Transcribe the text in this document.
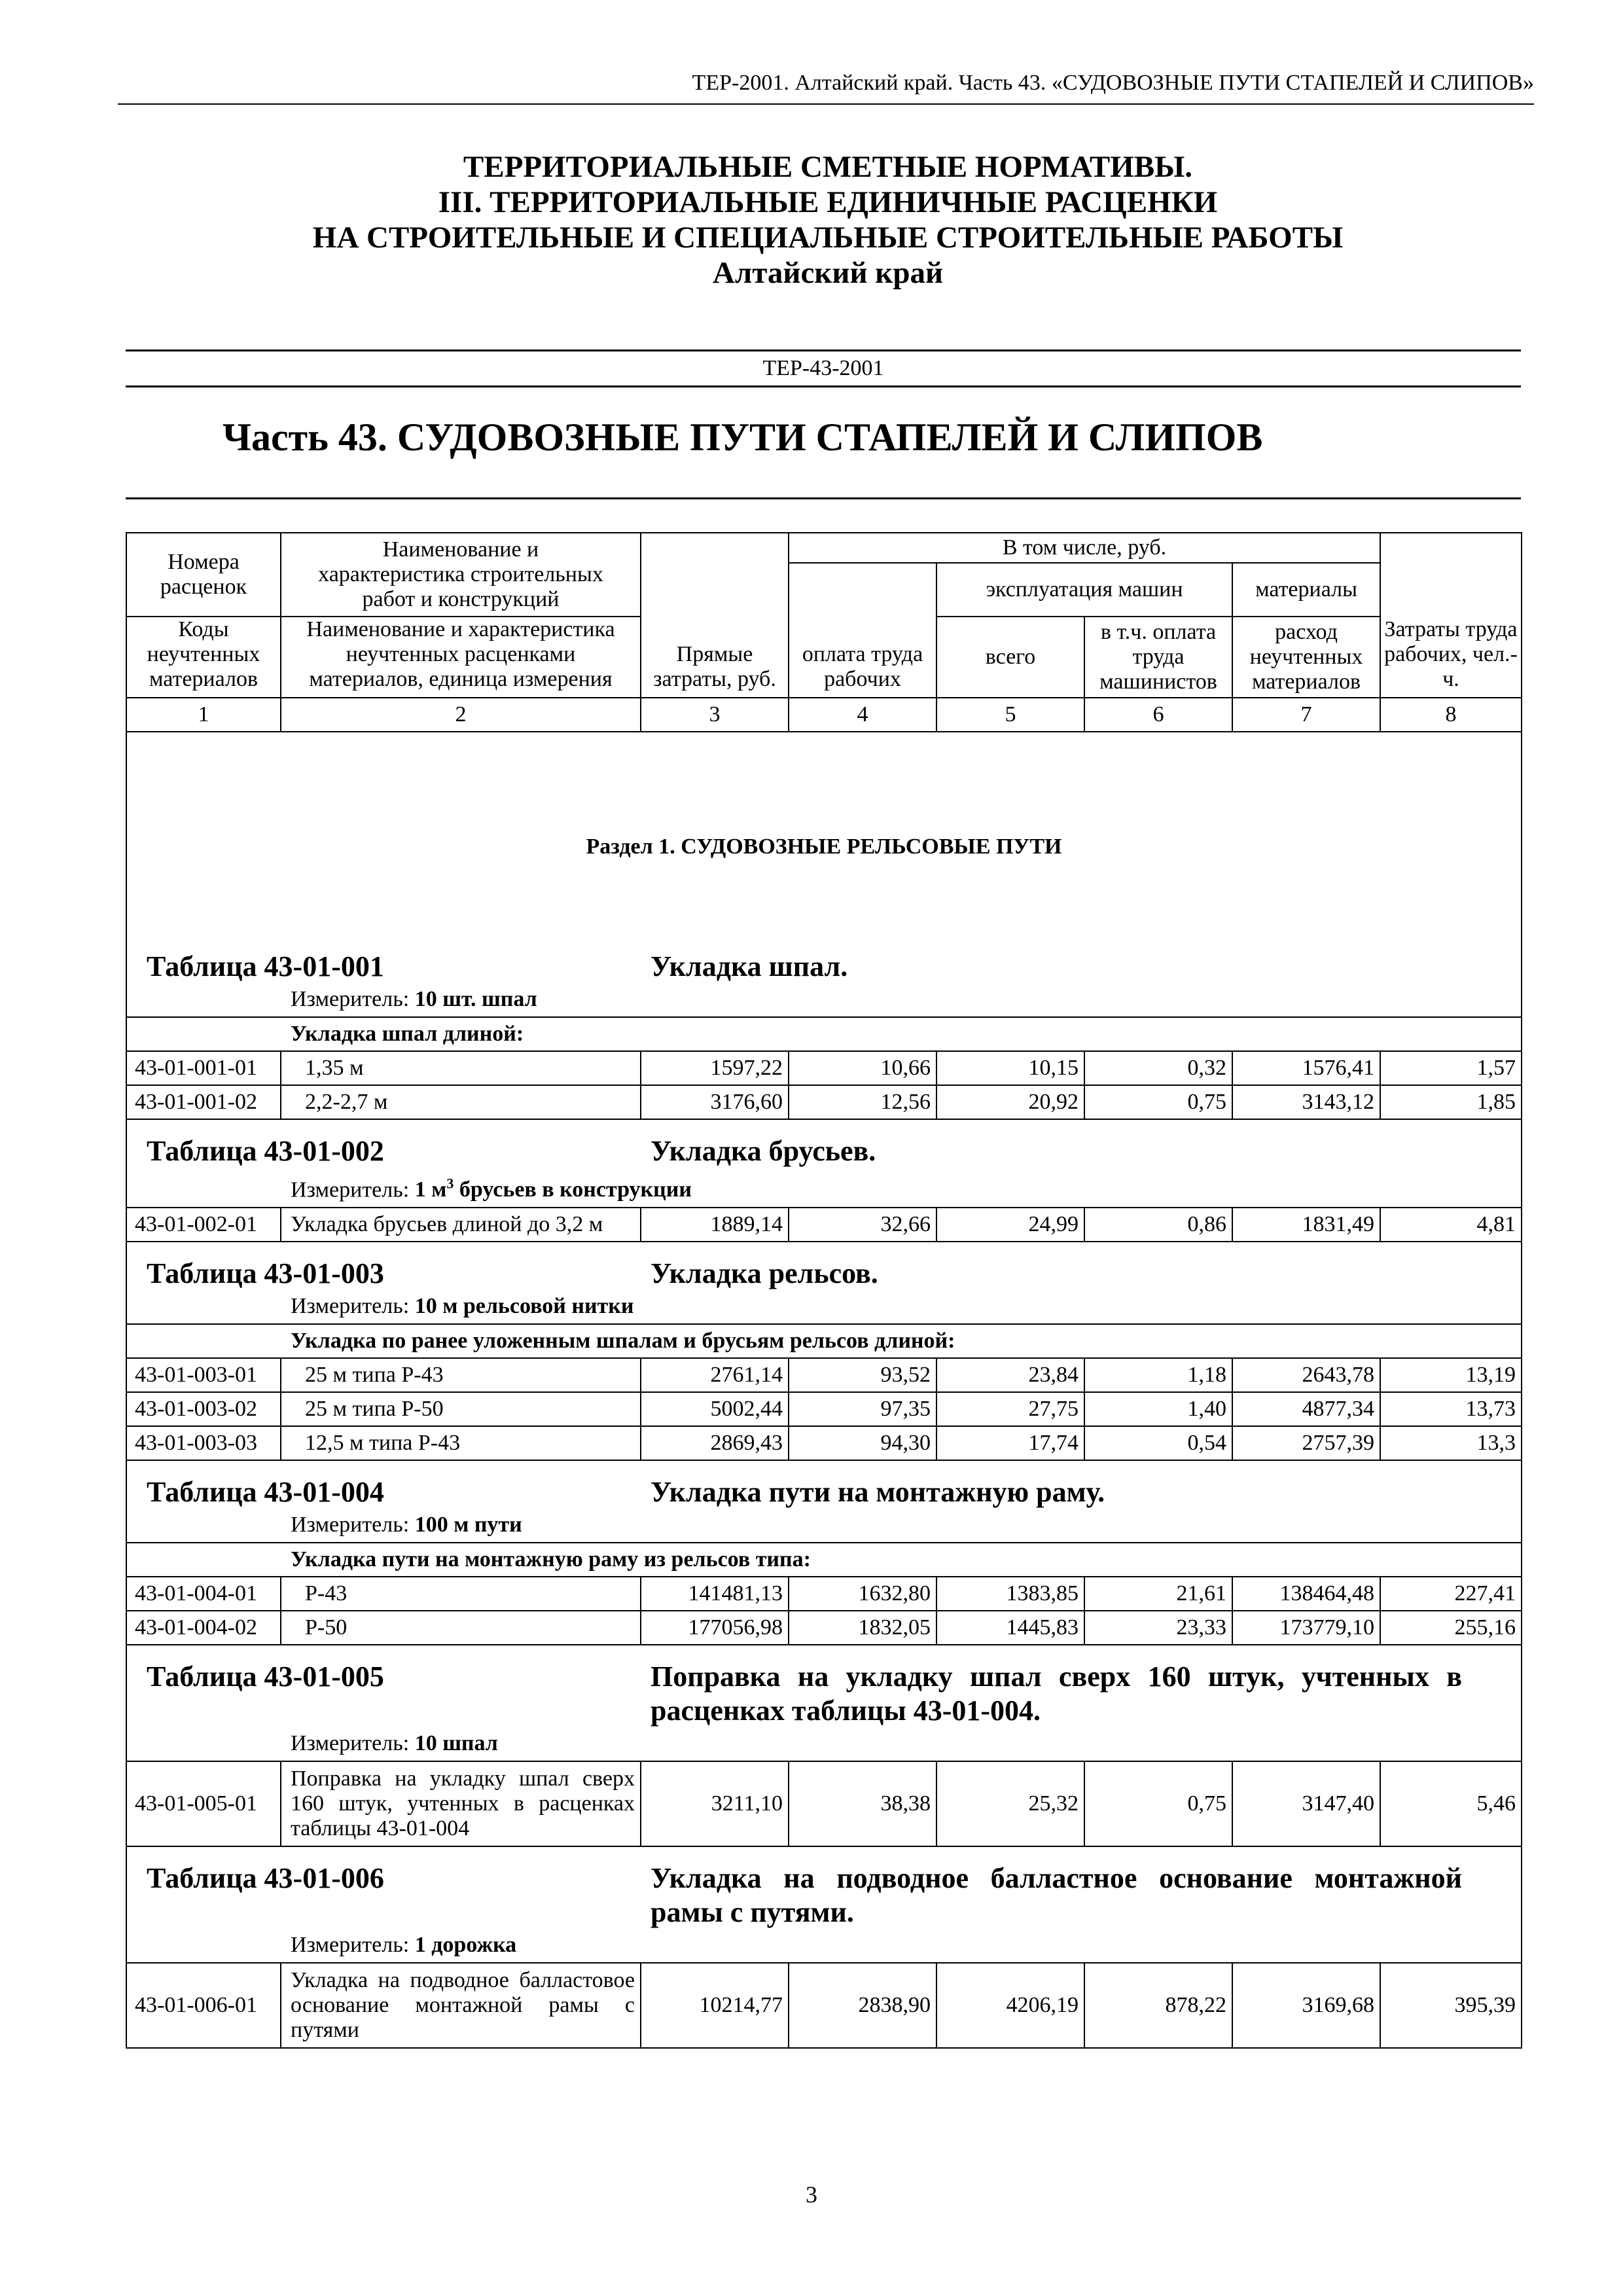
ТЕР-2001. Алтайский край. Часть 43. «СУДОВОЗНЫЕ ПУТИ СТАПЕЛЕЙ И СЛИПОВ»
ТЕРРИТОРИАЛЬНЫЕ СМЕТНЫЕ НОРМАТИВЫ.
III. ТЕРРИТОРИАЛЬНЫЕ ЕДИНИЧНЫЕ РАСЦЕНКИ
НА СТРОИТЕЛЬНЫЕ И СПЕЦИАЛЬНЫЕ СТРОИТЕЛЬНЫЕ РАБОТЫ
Алтайский край
ТЕР-43-2001
Часть 43. СУДОВОЗНЫЕ ПУТИ СТАПЕЛЕЙ И СЛИПОВ
Номера расценок	Наименование и характеристика строительных работ и конструкций	Прямые затраты, руб.	В том числе, руб.				Затраты труда рабочих, чел.-ч.
			оплата труда рабочих	эксплуатация машин		материалы	
Коды неучтенных материалов	Наименование и характеристика неучтенных расценками материалов, единица измерения			всего	в т.ч. оплата труда машинистов	расход неучтенных материалов	
1	2	3	4	5	6	7	8
Раздел 1. СУДОВОЗНЫЕ РЕЛЬСОВЫЕ ПУТИ							

Таблица 43-01-001 Укладка шпал.
Измеритель: 10 шт. шпал							

Укладка шпал длиной:							
43-01-001-01	1,35 м	1597,22	10,66	10,15	0,32	1576,41	1,57
43-01-001-02	2,2-2,7 м	3176,60	12,56	20,92	0,75	3143,12	1,85

Таблица 43-01-002 Укладка брусьев.
Измеритель: 1 $м^3$ брусьев в конструкции							

43-01-002-01	Укладка брусьев длиной до 3,2 м	1889,14	32,66	24,99	0,86	1831,49	4,81

Таблица 43-01-003 Укладка рельсов.
Измеритель: 10 м рельсовой нитки							

Укладка по ранее уложенным шпалам и брусьям рельсов длиной:							
43-01-003-01	25 м типа Р-43	2761,14	93,52	23,84	1,18	2643,78	13,19
43-01-003-02	25 м типа Р-50	5002,44	97,35	27,75	1,40	4877,34	13,73
43-01-003-03	12,5 м типа Р-43	2869,43	94,30	17,74	0,54	2757,39	13,3

Таблица 43-01-004 Укладка пути на монтажную раму.
Измеритель: 100 м пути							

Укладка пути на монтажную раму из рельсов типа:							
43-01-004-01	Р-43	141481,13	1632,80	1383,85	21,61	138464,48	227,41
43-01-004-02	Р-50	177056,98	1832,05	1445,83	23,33	173779,10	255,16

Таблица 43-01-005 Поправка на укладку шпал сверх 160 штук, учтенных в расценках таблицы 43-01-004.
Измеритель: 10 шпал							

43-01-005-01	Поправка на укладку шпал сверх 160 штук, учтенных в расценках таблицы 43-01-004	3211,10	38,38	25,32	0,75	3147,40	5,46

Таблица 43-01-006 Укладка на подводное балластное основание монтажной рамы с путями.
Измеритель: 1 дорожка							

43-01-006-01	Укладка на подводное балластовое основание монтажной рамы с путями	10214,77	2838,90	4206,19	878,22	3169,68	395,39
3
